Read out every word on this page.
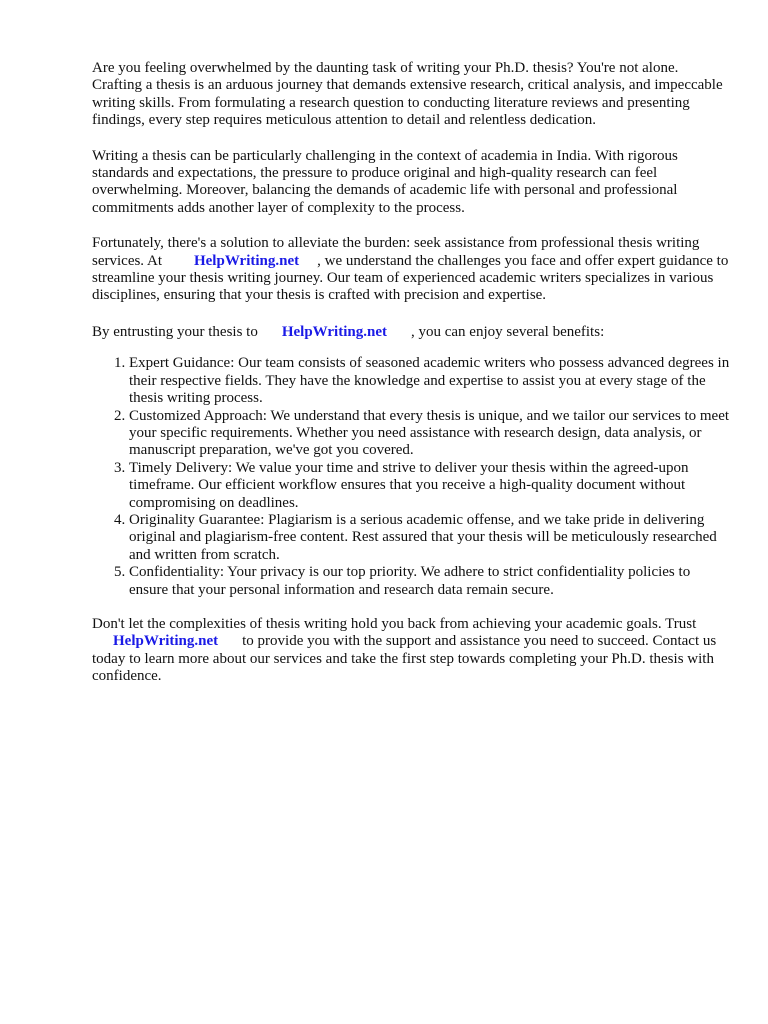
Are you feeling overwhelmed by the daunting task of writing your Ph.D. thesis? You're not alone. Crafting a thesis is an arduous journey that demands extensive research, critical analysis, and impeccable writing skills. From formulating a research question to conducting literature reviews and presenting findings, every step requires meticulous attention to detail and relentless dedication.

Writing a thesis can be particularly challenging in the context of academia in India. With rigorous standards and expectations, the pressure to produce original and high-quality research can feel overwhelming. Moreover, balancing the demands of academic life with personal and professional commitments adds another layer of complexity to the process.

Fortunately, there's a solution to alleviate the burden: seek assistance from professional thesis writing services. At HelpWriting.net , we understand the challenges you face and offer expert guidance to streamline your thesis writing journey. Our team of experienced academic writers specializes in various disciplines, ensuring that your thesis is crafted with precision and expertise.

By entrusting your thesis to HelpWriting.net , you can enjoy several benefits:

1. Expert Guidance: Our team consists of seasoned academic writers who possess advanced degrees in their respective fields. They have the knowledge and expertise to assist you at every stage of the thesis writing process.
2. Customized Approach: We understand that every thesis is unique, and we tailor our services to meet your specific requirements. Whether you need assistance with research design, data analysis, or manuscript preparation, we've got you covered.
3. Timely Delivery: We value your time and strive to deliver your thesis within the agreed-upon timeframe. Our efficient workflow ensures that you receive a high-quality document without compromising on deadlines.
4. Originality Guarantee: Plagiarism is a serious academic offense, and we take pride in delivering original and plagiarism-free content. Rest assured that your thesis will be meticulously researched and written from scratch.
5. Confidentiality: Your privacy is our top priority. We adhere to strict confidentiality policies to ensure that your personal information and research data remain secure.

Don't let the complexities of thesis writing hold you back from achieving your academic goals. Trust HelpWriting.net to provide you with the support and assistance you need to succeed. Contact us today to learn more about our services and take the first step towards completing your Ph.D. thesis with confidence.
